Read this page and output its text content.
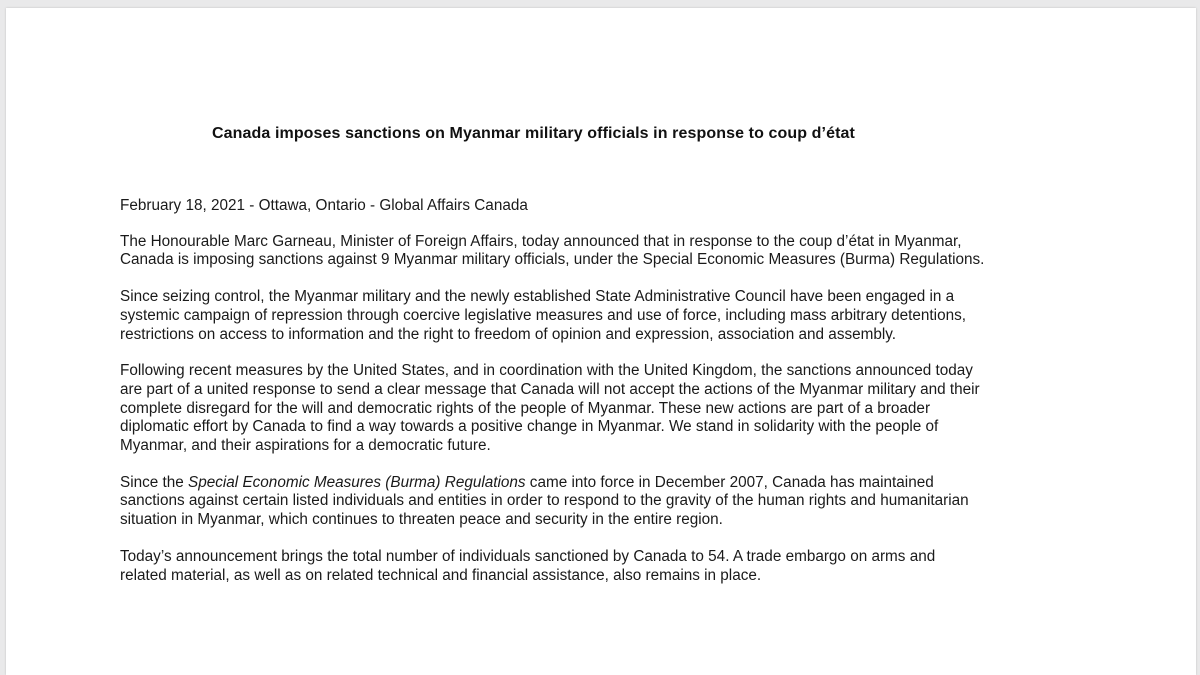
Canada imposes sanctions on Myanmar military officials in response to coup d’état

February 18, 2021 - Ottawa, Ontario - Global Affairs Canada

The Honourable Marc Garneau, Minister of Foreign Affairs, today announced that in response to the coup d’état in Myanmar,
Canada is imposing sanctions against 9 Myanmar military officials, under the Special Economic Measures (Burma) Regulations.

Since seizing control, the Myanmar military and the newly established State Administrative Council have been engaged in a
systemic campaign of repression through coercive legislative measures and use of force, including mass arbitrary detentions,
restrictions on access to information and the right to freedom of opinion and expression, association and assembly.

Following recent measures by the United States, and in coordination with the United Kingdom, the sanctions announced today
are part of a united response to send a clear message that Canada will not accept the actions of the Myanmar military and their
complete disregard for the will and democratic rights of the people of Myanmar. These new actions are part of a broader
diplomatic effort by Canada to find a way towards a positive change in Myanmar. We stand in solidarity with the people of
Myanmar, and their aspirations for a democratic future.

Since the Special Economic Measures (Burma) Regulations came into force in December 2007, Canada has maintained
sanctions against certain listed individuals and entities in order to respond to the gravity of the human rights and humanitarian
situation in Myanmar, which continues to threaten peace and security in the entire region.

Today’s announcement brings the total number of individuals sanctioned by Canada to 54. A trade embargo on arms and
related material, as well as on related technical and financial assistance, also remains in place.
